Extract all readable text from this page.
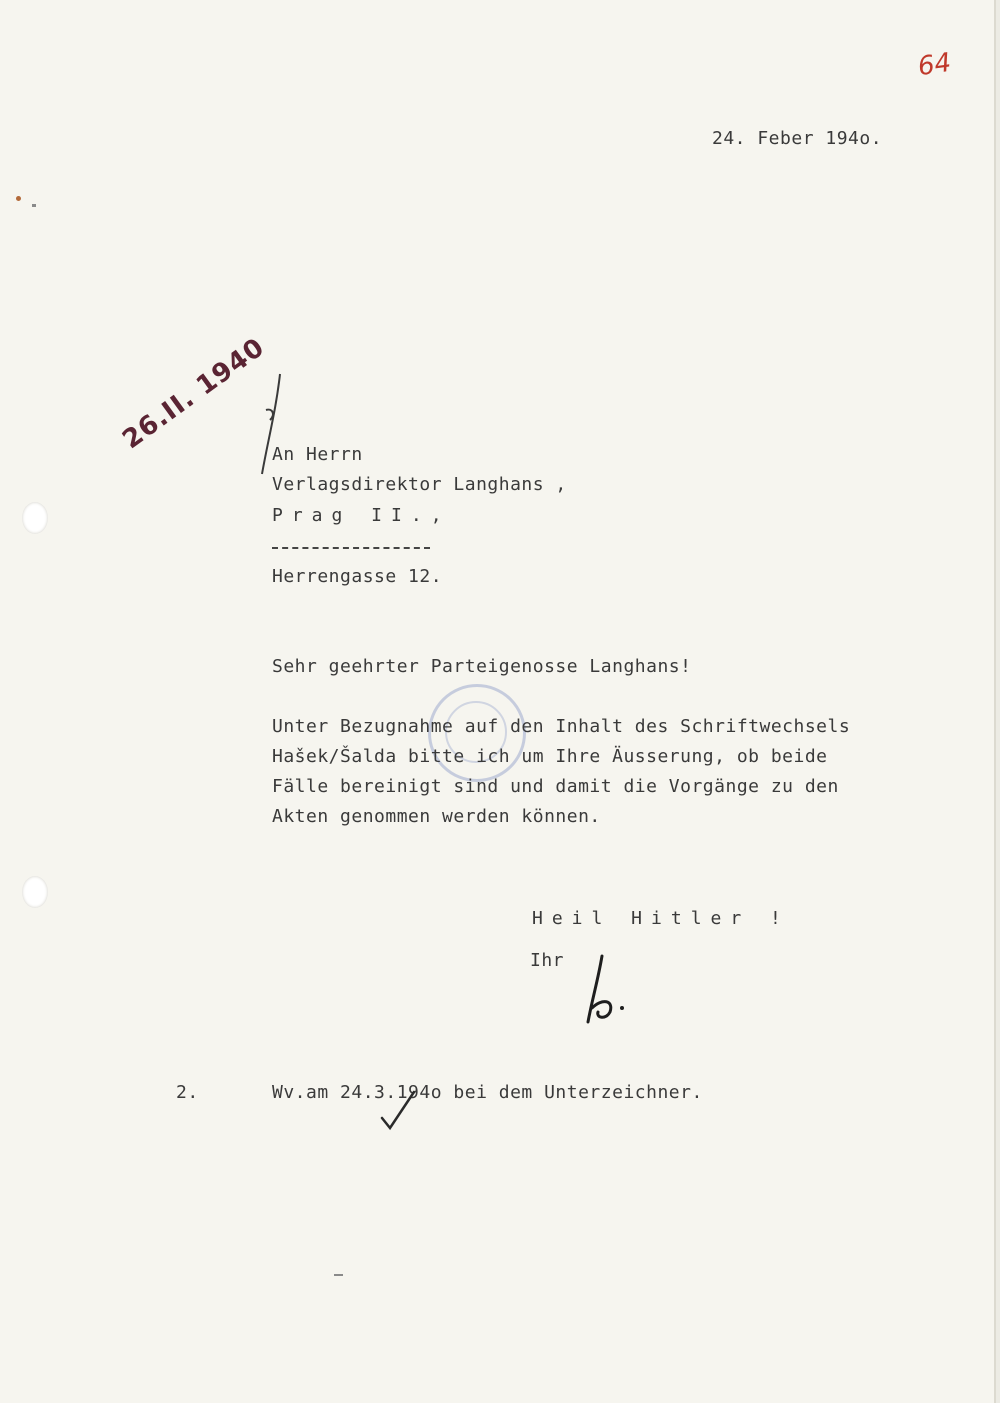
64
24. Feber 194o.
26.II. 1940 An Herrn
Verlagsdirektor Langhans ,
Prag II.,
Herrengasse 12.
Sehr geehrter Parteigenosse Langhans!
Unter Bezugnahme auf den Inhalt des Schriftwechsels
Hašek/Šalda bitte ich um Ihre Äusserung, ob beide
Fälle bereinigt sind und damit die Vorgänge zu den
Akten genommen werden können.
Heil Hitler !
Ihr
2.	Wv.am 24.3.194o bei dem Unterzeichner.
